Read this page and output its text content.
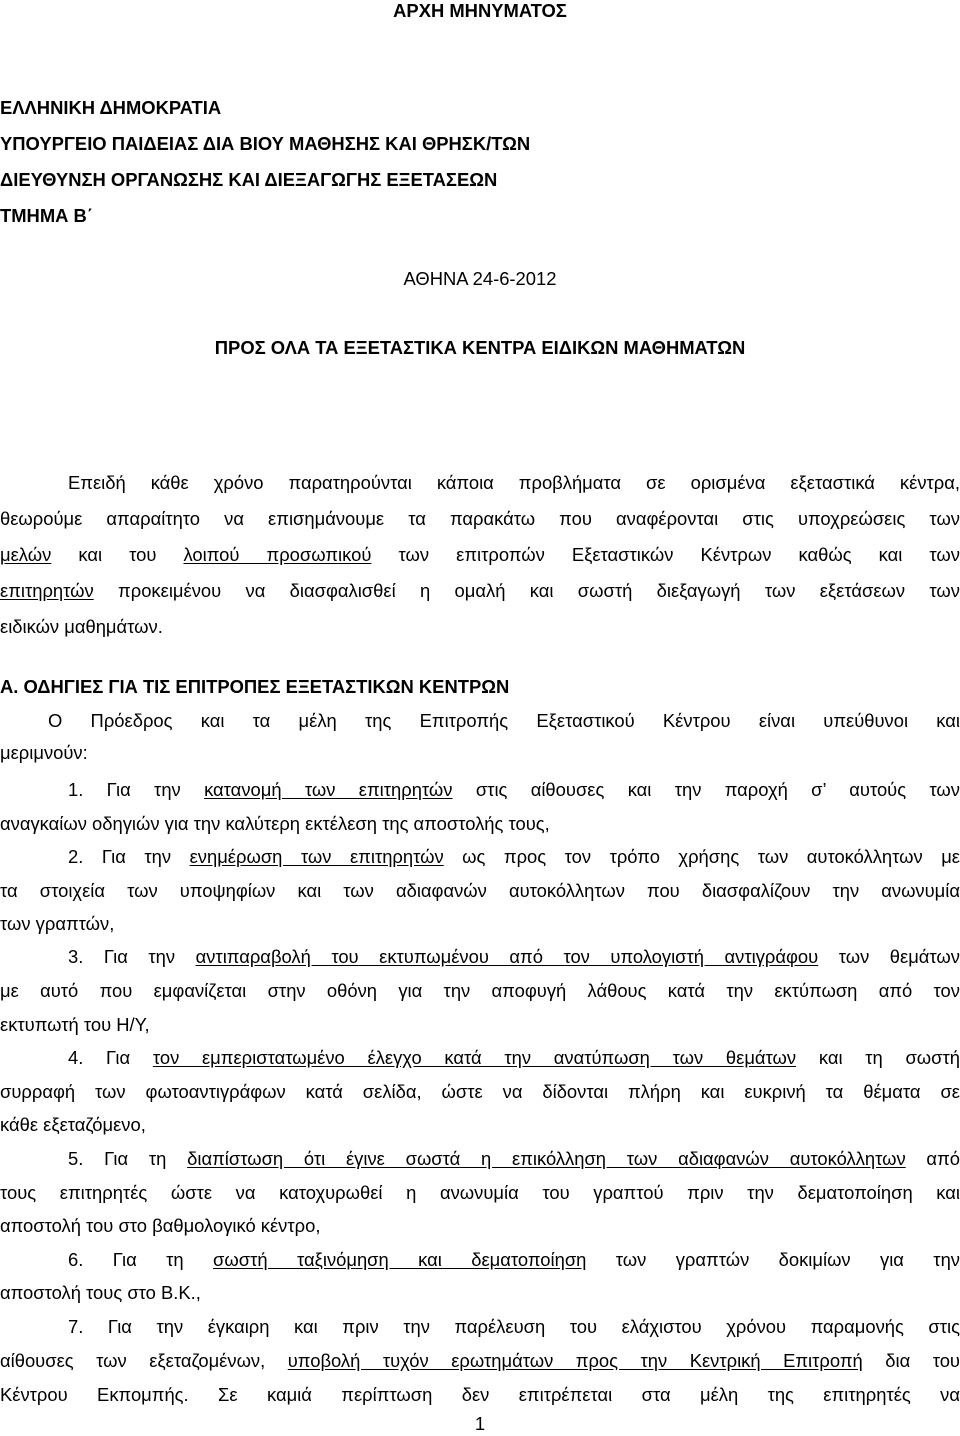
ΑΡΧΗ ΜΗΝΥΜΑΤΟΣ
ΕΛΛΗΝΙΚΗ ΔΗΜΟΚΡΑΤΙΑ
ΥΠΟΥΡΓΕΙΟ ΠΑΙΔΕΙΑΣ ΔΙΑ ΒΙΟΥ ΜΑΘΗΣΗΣ ΚΑΙ ΘΡΗΣΚ/ΤΩΝ
ΔΙΕΥΘΥΝΣΗ ΟΡΓΑΝΩΣΗΣ ΚΑΙ ΔΙΕΞΑΓΩΓΗΣ ΕΞΕΤΑΣΕΩΝ
ΤΜΗΜΑ Β΄
ΑΘΗΝΑ 24-6-2012
ΠΡΟΣ ΟΛΑ ΤΑ ΕΞΕΤΑΣΤΙΚΑ ΚΕΝΤΡΑ ΕΙΔΙΚΩΝ ΜΑΘΗΜΑΤΩΝ
Επειδή κάθε χρόνο παρατηρούνται κάποια προβλήματα σε ορισμένα εξεταστικά κέντρα,
θεωρούμε απαραίτητο να επισημάνουμε τα παρακάτω που αναφέρονται στις υποχρεώσεις των
μελών και του λοιπού προσωπικού των επιτροπών Εξεταστικών Κέντρων καθώς και των
επιτηρητών προκειμένου να διασφαλισθεί η ομαλή και σωστή διεξαγωγή των εξετάσεων των
ειδικών μαθημάτων.
Α. ΟΔΗΓΙΕΣ ΓΙΑ ΤΙΣ ΕΠΙΤΡΟΠΕΣ ΕΞΕΤΑΣΤΙΚΩΝ ΚΕΝΤΡΩΝ
Ο Πρόεδρος και τα μέλη της Επιτροπής Εξεταστικού Κέντρου είναι υπεύθυνοι και
μεριμνούν:
1. Για την κατανομή των επιτηρητών στις αίθουσες και την παροχή σ’ αυτούς των
αναγκαίων οδηγιών για την καλύτερη εκτέλεση της αποστολής τους,
2. Για την ενημέρωση των επιτηρητών ως προς τον τρόπο χρήσης των αυτοκόλλητων με
τα στοιχεία των υποψηφίων και των αδιαφανών αυτοκόλλητων που διασφαλίζουν την ανωνυμία
των γραπτών,
3. Για την αντιπαραβολή του εκτυπωμένου από τον υπολογιστή αντιγράφου των θεμάτων
με αυτό που εμφανίζεται στην οθόνη για την αποφυγή λάθους κατά την εκτύπωση από τον
εκτυπωτή του Η/Υ,
4. Για τον εμπεριστατωμένο έλεγχο κατά την ανατύπωση των θεμάτων και τη σωστή
συρραφή των φωτοαντιγράφων κατά σελίδα, ώστε να δίδονται πλήρη και ευκρινή τα θέματα σε
κάθε εξεταζόμενο,
5. Για τη διαπίστωση ότι έγινε σωστά η επικόλληση των αδιαφανών αυτοκόλλητων από
τους επιτηρητές ώστε να κατοχυρωθεί η ανωνυμία του γραπτού πριν την δεματοποίηση και
αποστολή του στο βαθμολογικό κέντρο,
6. Για τη σωστή ταξινόμηση και δεματοποίηση των γραπτών δοκιμίων για την
αποστολή τους στο Β.Κ.,
7. Για την έγκαιρη και πριν την παρέλευση του ελάχιστου χρόνου παραμονής στις
αίθουσες των εξεταζομένων, υποβολή τυχόν ερωτημάτων προς την Κεντρική Επιτροπή δια του
Κέντρου Εκπομπής. Σε καμιά περίπτωση δεν επιτρέπεται στα μέλη της επιτηρητές να
1
